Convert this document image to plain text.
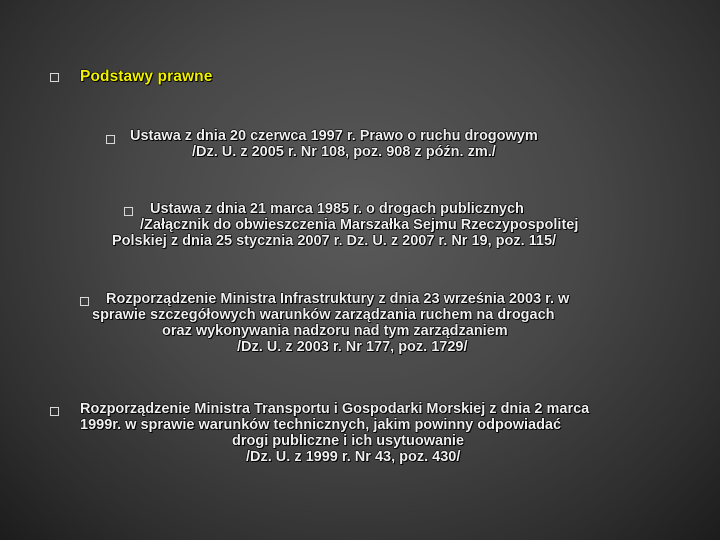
Podstawy prawne
Ustawa z dnia 20 czerwca 1997 r. Prawo o ruchu drogowym
/Dz. U. z 2005 r. Nr 108, poz. 908 z późn. zm./
Ustawa z dnia 21 marca 1985 r. o drogach publicznych
/Załącznik do obwieszczenia Marszałka Sejmu Rzeczypospolitej
Polskiej z dnia 25 stycznia 2007 r. Dz. U. z 2007 r. Nr 19, poz. 115/
Rozporządzenie Ministra Infrastruktury z dnia 23 września 2003 r. w
sprawie szczegółowych warunków zarządzania ruchem na drogach
oraz wykonywania nadzoru nad tym zarządzaniem
/Dz. U. z 2003 r. Nr 177, poz. 1729/
Rozporządzenie Ministra Transportu i Gospodarki Morskiej z dnia 2 marca
1999r. w sprawie warunków technicznych, jakim powinny odpowiadać
drogi publiczne i ich usytuowanie
/Dz. U. z 1999 r. Nr 43, poz. 430/
